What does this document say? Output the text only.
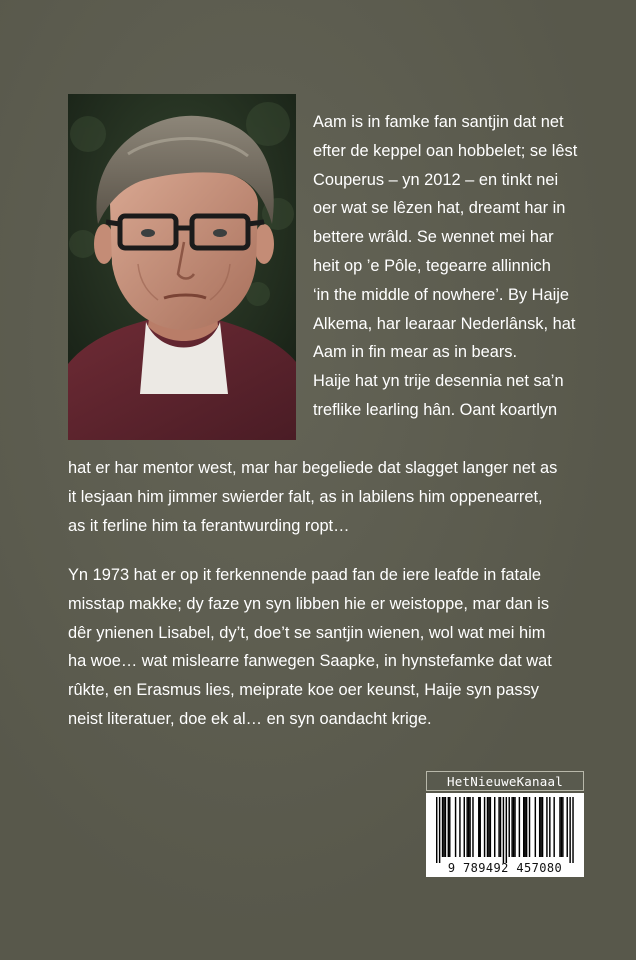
Aam is in famke fan santjin dat net
efter de keppel oan hobbelet; se lêst
Couperus – yn 2012 – en tinkt nei
oer wat se lêzen hat, dreamt har in
bettere wrâld. Se wennet mei har
heit op ’e Pôle, tegearre allinnich
‘in the middle of nowhere’. By Haije
Alkema, har learaar Nederlânsk, hat
Aam in fin mear as in bears.
Haije hat yn trije desennia net sa’n
treflike learling hân. Oant koartlyn

hat er har mentor west, mar har begeliede dat slagget langer net as
it lesjaan him jimmer swierder falt, as in labilens him oppenearret,
as it ferline him ta ferantwurding ropt…

Yn 1973 hat er op it ferkennende paad fan de iere leafde in fatale
misstap makke; dy faze yn syn libben hie er weistoppe, mar dan is
dêr ynienen Lisabel, dy’t, doe’t se santjin wienen, wol wat mei him
ha woe… wat mislearre fanwegen Saapke, in hynstefamke dat wat
rûkte, en Erasmus lies, meiprate koe oer keunst, Haije syn passy
neist literatuer, doe ek al… en syn oandacht krige.

HetNieuweKanaal
9 789492 457080
